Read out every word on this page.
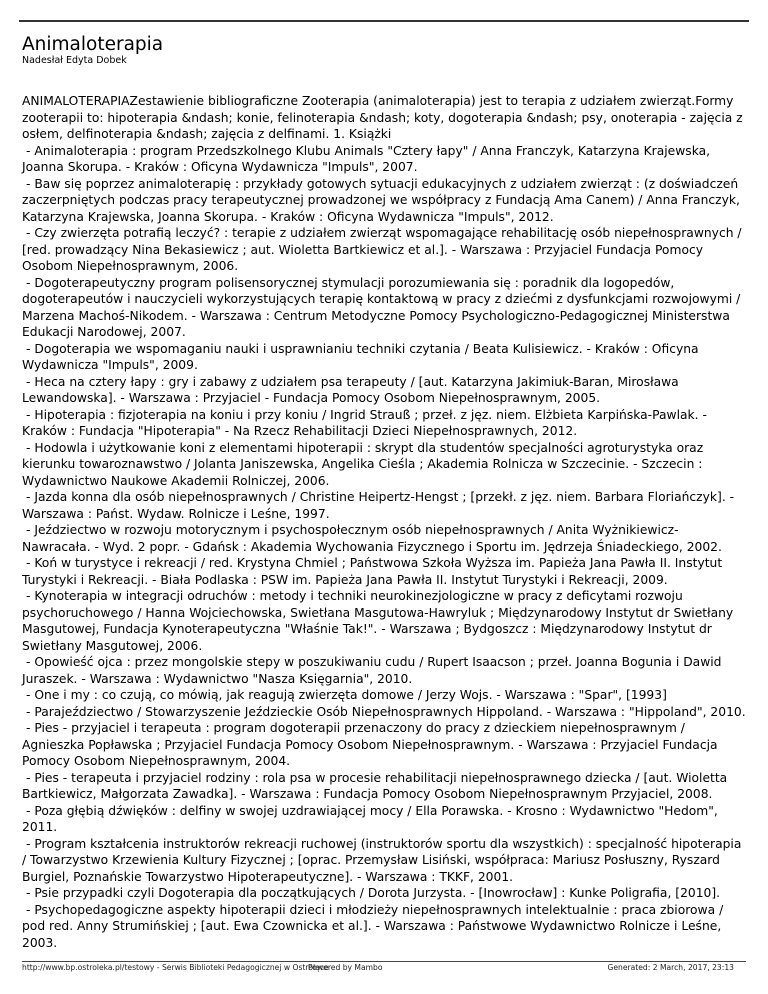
Animaloterapia
Nadesłał Edyta Dobek

ANIMALOTERAPIAZestawienie bibliograficzne Zooterapia (animaloterapia) jest to terapia z udziałem zwierząt.Formy zooterapii to: hipoterapia &ndash; konie, felinoterapia &ndash; koty, dogoterapia &ndash; psy, onoterapia - zajęcia z osłem, delfinoterapia &ndash; zajęcia z delfinami. 1. Książki

- Animaloterapia : program Przedszkolnego Klubu Animals "Cztery łapy" / Anna Franczyk, Katarzyna Krajewska, Joanna Skorupa. - Kraków : Oficyna Wydawnicza "Impuls", 2007.

- Baw się poprzez animaloterapię : przykłady gotowych sytuacji edukacyjnych z udziałem zwierząt : (z doświadczeń zaczerpniętych podczas pracy terapeutycznej prowadzonej we współpracy z Fundacją Ama Canem) / Anna Franczyk, Katarzyna Krajewska, Joanna Skorupa. - Kraków : Oficyna Wydawnicza "Impuls", 2012.

- Czy zwierzęta potrafią leczyć? : terapie z udziałem zwierząt wspomagające rehabilitację osób niepełnosprawnych / [red. prowadzący Nina Bekasiewicz ; aut. Wioletta Bartkiewicz et al.]. - Warszawa : Przyjaciel Fundacja Pomocy Osobom Niepełnosprawnym, 2006.

- Dogoterapeutyczny program polisensorycznej stymulacji porozumiewania się : poradnik dla logopedów, dogoterapeutów i nauczycieli wykorzystujących terapię kontaktową w pracy z dziećmi z dysfunkcjami rozwojowymi / Marzena Machoś-Nikodem. - Warszawa : Centrum Metodyczne Pomocy Psychologiczno-Pedagogicznej Ministerstwa Edukacji Narodowej, 2007.

- Dogoterapia we wspomaganiu nauki i usprawnianiu techniki czytania / Beata Kulisiewicz. - Kraków : Oficyna Wydawnicza "Impuls", 2009.

- Heca na cztery łapy : gry i zabawy z udziałem psa terapeuty / [aut. Katarzyna Jakimiuk-Baran, Mirosława Lewandowska]. - Warszawa : Przyjaciel - Fundacja Pomocy Osobom Niepełnosprawnym, 2005.

- Hipoterapia : fizjoterapia na koniu i przy koniu / Ingrid Strauß ; przeł. z jęz. niem. Elżbieta Karpińska-Pawlak. - Kraków : Fundacja "Hipoterapia" - Na Rzecz Rehabilitacji Dzieci Niepełnosprawnych, 2012.

- Hodowla i użytkowanie koni z elementami hipoterapii : skrypt dla studentów specjalności agroturystyka oraz kierunku towaroznawstwo / Jolanta Janiszewska, Angelika Cieśla ; Akademia Rolnicza w Szczecinie. - Szczecin : Wydawnictwo Naukowe Akademii Rolniczej, 2006.

- Jazda konna dla osób niepełnosprawnych / Christine Heipertz-Hengst ; [przekł. z jęz. niem. Barbara Floriańczyk]. - Warszawa : Państ. Wydaw. Rolnicze i Leśne, 1997.

- Jeździectwo w rozwoju motorycznym i psychospołecznym osób niepełnosprawnych / Anita Wyżnikiewicz-Nawracała. - Wyd. 2 popr. - Gdańsk : Akademia Wychowania Fizycznego i Sportu im. Jędrzeja Śniadeckiego, 2002.

- Koń w turystyce i rekreacji / red. Krystyna Chmiel ; Państwowa Szkoła Wyższa im. Papieża Jana Pawła II. Instytut Turystyki i Rekreacji. - Biała Podlaska : PSW im. Papieża Jana Pawła II. Instytut Turystyki i Rekreacji, 2009.

- Kynoterapia w integracji odruchów : metody i techniki neurokinezjologiczne w pracy z deficytami rozwoju psychoruchowego / Hanna Wojciechowska, Swietłana Masgutowa-Hawryluk ; Międzynarodowy Instytut dr Swietłany Masgutowej, Fundacja Kynoterapeutyczna "Właśnie Tak!". - Warszawa ; Bydgoszcz : Międzynarodowy Instytut dr Swietłany Masgutowej, 2006.

- Opowieść ojca : przez mongolskie stepy w poszukiwaniu cudu / Rupert Isaacson ; przeł. Joanna Bogunia i Dawid Juraszek. - Warszawa : Wydawnictwo "Nasza Księgarnia", 2010.

- One i my : co czują, co mówią, jak reagują zwierzęta domowe / Jerzy Wojs. - Warszawa : "Spar", [1993]

- Parajeździectwo / Stowarzyszenie Jeździeckie Osób Niepełnosprawnych Hippoland. - Warszawa : "Hippoland", 2010.

- Pies - przyjaciel i terapeuta : program dogoterapii przenaczony do pracy z dzieckiem niepełnosprawnym / Agnieszka Popławska ; Przyjaciel Fundacja Pomocy Osobom Niepełnosprawnym. - Warszawa : Przyjaciel Fundacja Pomocy Osobom Niepełnosprawnym, 2004.

- Pies - terapeuta i przyjaciel rodziny : rola psa w procesie rehabilitacji niepełnosprawnego dziecka / [aut. Wioletta Bartkiewicz, Małgorzata Zawadka]. - Warszawa : Fundacja Pomocy Osobom Niepełnosprawnym Przyjaciel, 2008.

- Poza głębią dźwięków : delfiny w swojej uzdrawiającej mocy / Ella Porawska. - Krosno : Wydawnictwo "Hedom", 2011.

- Program kształcenia instruktorów rekreacji ruchowej (instruktorów sportu dla wszystkich) : specjalność hipoterapia / Towarzystwo Krzewienia Kultury Fizycznej ; [oprac. Przemysław Lisiński, współpraca: Mariusz Posłuszny, Ryszard Burgiel, Poznańskie Towarzystwo Hipoterapeutyczne]. - Warszawa : TKKF, 2001.

- Psie przypadki czyli Dogoterapia dla początkujących / Dorota Jurzysta. - [Inowrocław] : Kunke Poligrafia, [2010].

- Psychopedagogiczne aspekty hipoterapii dzieci i młodzieży niepełnosprawnych intelektualnie : praca zbiorowa / pod red. Anny Strumińskiej ; [aut. Ewa Czownicka et al.]. - Warszawa : Państwowe Wydawnictwo Rolnicze i Leśne, 2003.

http://www.bp.ostroleka.pl/testowy - Serwis Biblioteki Pedagogicznej w Ostrołęce
Powered by Mambo	Generated: 2 March, 2017, 23:13
